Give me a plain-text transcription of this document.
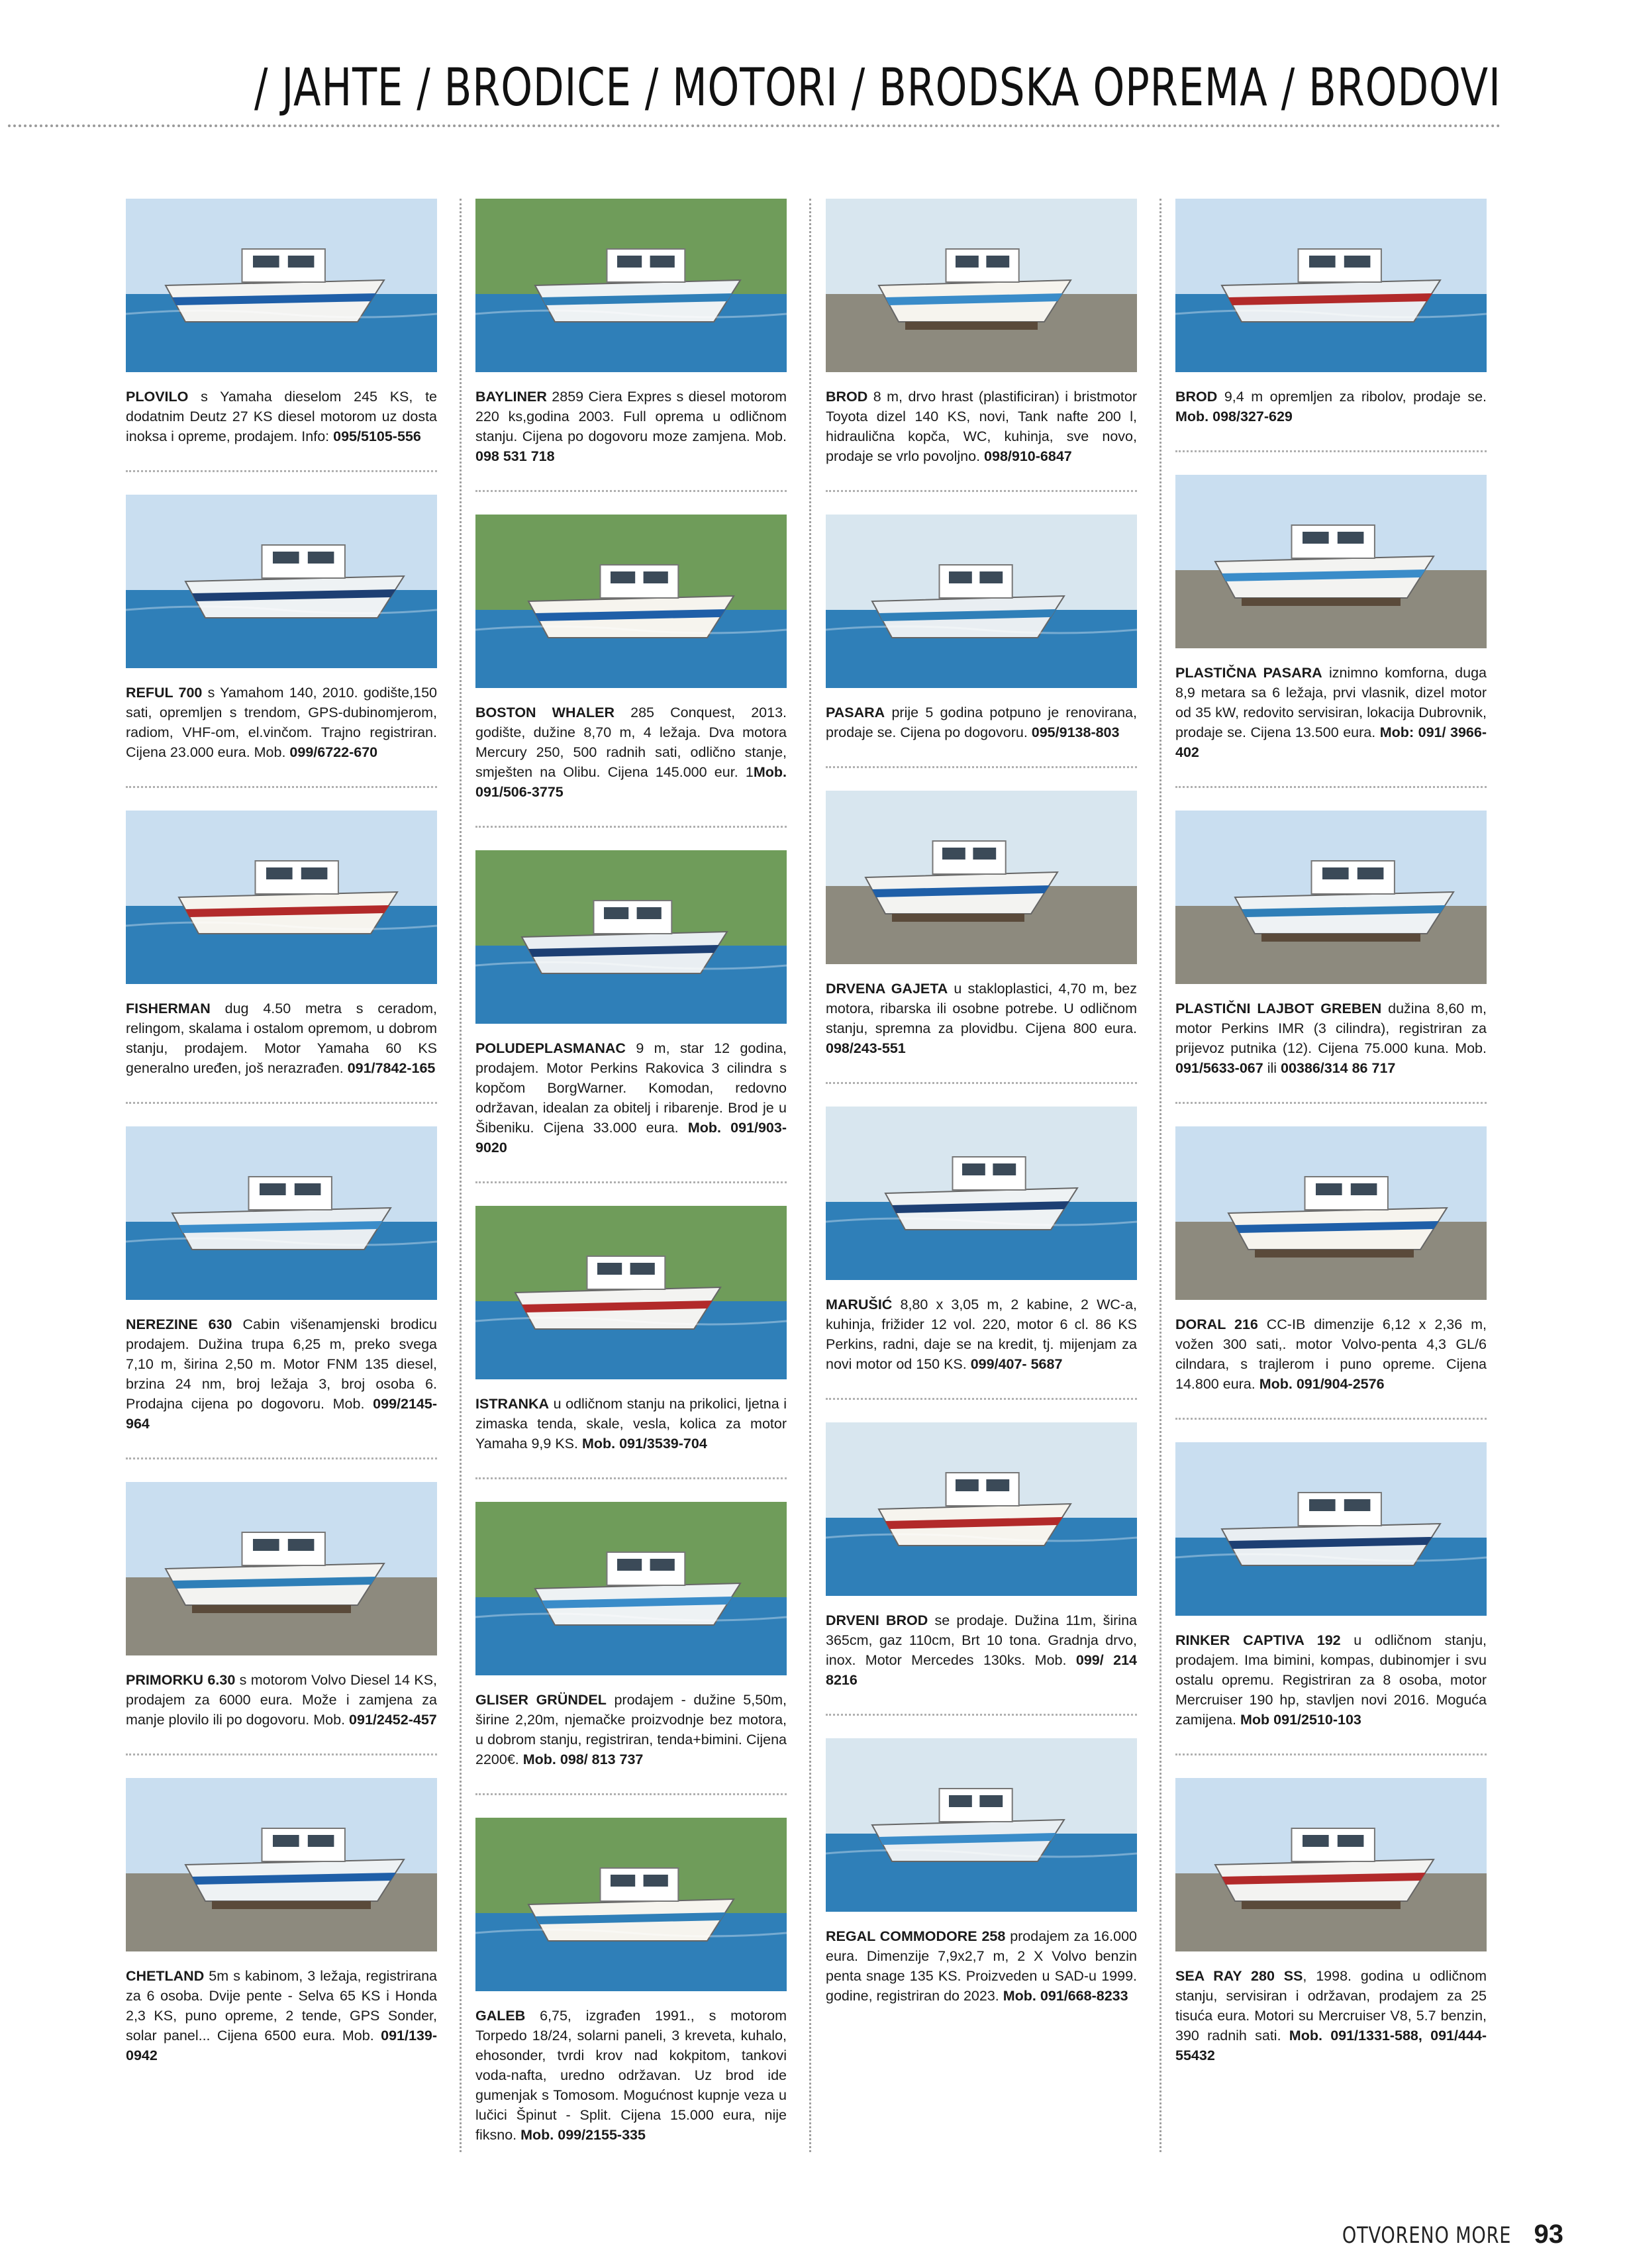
/ JAHTE / BRODICE / MOTORI / BRODSKA OPREMA / BRODOVI
PLOVILO s Yamaha dieselom 245 KS, te dodatnim Deutz 27 KS diesel motorom uz dosta inoksa i opreme, prodajem. Info: 095/5105-556
REFUL 700 s Yamahom 140, 2010. godište,150 sati, opremljen s trendom, GPS-dubinomjerom, radiom, VHF-om, el.vinčom. Trajno registriran. Cijena 23.000 eura. Mob. 099/6722-670
FISHERMAN dug 4.50 metra s ceradom, relingom, skalama i ostalom opremom, u dobrom stanju, prodajem. Motor Yamaha 60 KS generalno uređen, još nerazrađen. 091/7842-165
NEREZINE 630 Cabin višenamjenski brodicu prodajem. Dužina trupa 6,25 m, preko svega 7,10 m, širina 2,50 m. Motor FNM 135 diesel, brzina 24 nm, broj ležaja 3, broj osoba 6. Prodajna cijena po dogovoru. Mob. 099/2145-964
PRIMORKU 6.30 s motorom Volvo Diesel 14 KS, prodajem za 6000 eura. Može i zamjena za manje plovilo ili po dogovoru. Mob. 091/2452-457
CHETLAND 5m s kabinom, 3 ležaja, registrirana za 6 osoba. Dvije pente - Selva 65 KS i Honda 2,3 KS, puno opreme, 2 tende, GPS Sonder, solar panel... Cijena 6500 eura. Mob. 091/139- 0942
BAYLINER 2859 Ciera Expres s diesel motorom 220 ks,godina 2003. Full oprema u odličnom stanju. Cijena po dogovoru moze zamjena. Mob. 098 531 718
BOSTON WHALER 285 Conquest, 2013. godište, dužine 8,70 m, 4 ležaja. Dva motora Mercury 250, 500 radnih sati, odlično stanje, smješten na Olibu. Cijena 145.000 eur. 1Mob. 091/506-3775
POLUDEPLASMANAC 9 m, star 12 godina, prodajem. Motor Perkins Rakovica 3 cilindra s kopčom BorgWarner. Komodan, redovno održavan, idealan za obitelj i ribarenje. Brod je u Šibeniku. Cijena 33.000 eura. Mob. 091/903-9020
ISTRANKA u odličnom stanju na prikolici, ljetna i zimaska tenda, skale, vesla, kolica za motor Yamaha 9,9 KS. Mob. 091/3539-704
GLISER GRÜNDEL prodajem - dužine 5,50m, širine 2,20m, njemačke proizvodnje bez motora, u dobrom stanju, registriran, tenda+bimini. Cijena 2200€. Mob. 098/ 813 737
GALEB 6,75, izgrađen 1991., s motorom Torpedo 18/24, solarni paneli, 3 kreveta, kuhalo, ehosonder, tvrdi krov nad kokpitom, tankovi voda-nafta, uredno održavan. Uz brod ide gumenjak s Tomosom. Mogućnost kupnje veza u lučici Špinut - Split. Cijena 15.000 eura, nije fiksno. Mob. 099/2155-335
BROD 8 m, drvo hrast (plastificiran) i bristmotor Toyota dizel 140 KS, novi, Tank nafte 200 l, hidraulična kopča, WC, kuhinja, sve novo, prodaje se vrlo povoljno. 098/910-6847
PASARA prije 5 godina potpuno je renovirana, prodaje se. Cijena po dogovoru. 095/9138-803
DRVENA GAJETA u stakloplastici, 4,70 m, bez motora, ribarska ili osobne potrebe. U odličnom stanju, spremna za plovidbu. Cijena 800 eura. 098/243-551
MARUŠIĆ 8,80 x 3,05 m, 2 kabine, 2 WC-a, kuhinja, frižider 12 vol. 220, motor 6 cl. 86 KS Perkins, radni, daje se na kredit, tj. mijenjam za novi motor od 150 KS. 099/407- 5687
DRVENI BROD se prodaje. Dužina 11m, širina 365cm, gaz 110cm, Brt 10 tona. Gradnja drvo, inox. Motor Mercedes 130ks. Mob. 099/ 214 8216
REGAL COMMODORE 258 prodajem za 16.000 eura. Dimenzije 7,9x2,7 m, 2 X Volvo benzin penta snage 135 KS. Proizveden u SAD-u 1999. godine, registriran do 2023. Mob. 091/668-8233
BROD 9,4 m opremljen za ribolov, prodaje se. Mob. 098/327-629
PLASTIČNA PASARA iznimno komforna, duga 8,9 metara sa 6 ležaja, prvi vlasnik, dizel motor od 35 kW, redovito servisiran, lokacija Dubrovnik, prodaje se. Cijena 13.500 eura. Mob: 091/ 3966-402
PLASTIČNI LAJBOT GREBEN dužina 8,60 m, motor Perkins IMR (3 cilindra), registriran za prijevoz putnika (12). Cijena 75.000 kuna. Mob. 091/5633-067 ili 00386/314 86 717
DORAL 216 CC-IB dimenzije 6,12 x 2,36 m, vožen 300 sati,. motor Volvo-penta 4,3 GL/6 cilndara, s trajlerom i puno opreme. Cijena 14.800 eura. Mob. 091/904-2576
RINKER CAPTIVA 192 u odličnom stanju, prodajem. Ima bimini, kompas, dubinomjer i svu ostalu opremu. Registriran za 8 osoba, motor Mercruiser 190 hp, stavljen novi 2016. Moguća zamijena. Mob 091/2510-103
SEA RAY 280 SS, 1998. godina u odličnom stanju, servisiran i održavan, prodajem za 25 tisuća eura. Motori su Mercruiser V8, 5.7 benzin, 390 radnih sati. Mob. 091/1331-588, 091/444-55432
OTVORENO MORE 93
